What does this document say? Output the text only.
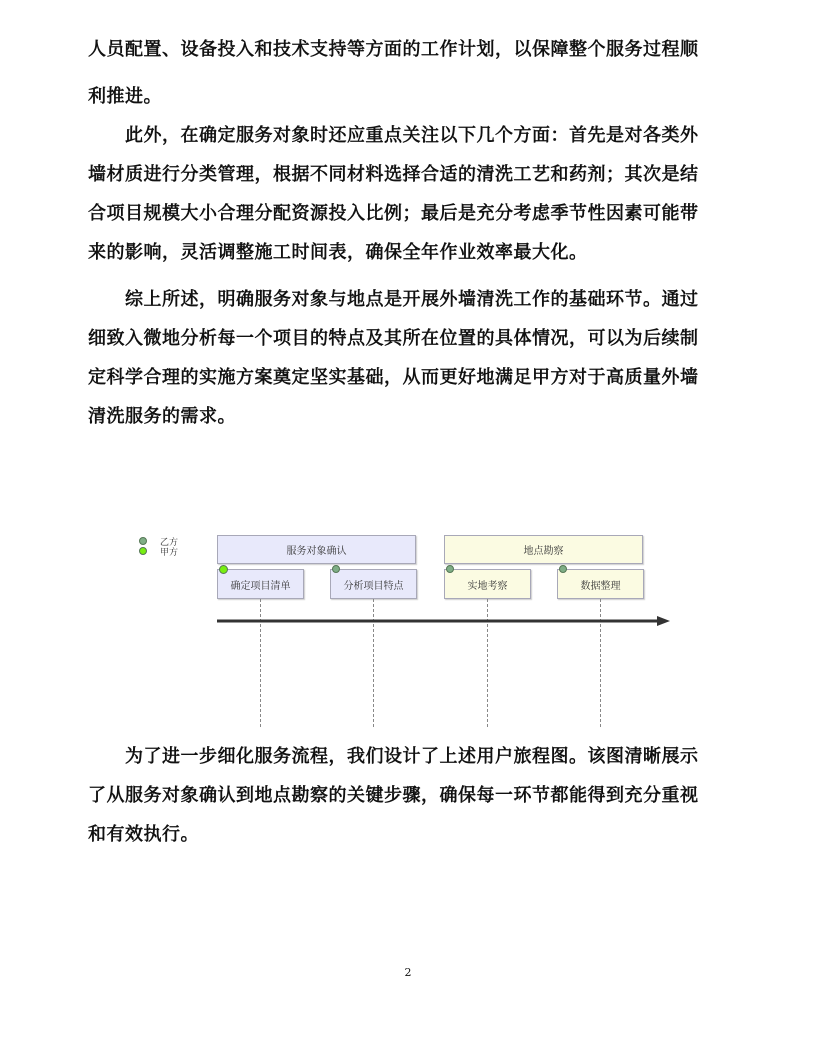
人员配置、设备投入和技术支持等方面的工作计划，以保障整个服务过程顺
利推进。
　　此外，在确定服务对象时还应重点关注以下几个方面：首先是对各类外
墙材质进行分类管理，根据不同材料选择合适的清洗工艺和药剂；其次是结
合项目规模大小合理分配资源投入比例；最后是充分考虑季节性因素可能带
来的影响，灵活调整施工时间表，确保全年作业效率最大化。
　　综上所述，明确服务对象与地点是开展外墙清洗工作的基础环节。通过
细致入微地分析每一个项目的特点及其所在位置的具体情况，可以为后续制
定科学合理的实施方案奠定坚实基础，从而更好地满足甲方对于高质量外墙
清洗服务的需求。
　　为了进一步细化服务流程，我们设计了上述用户旅程图。该图清晰展示
了从服务对象确认到地点勘察的关键步骤，确保每一环节都能得到充分重视
和有效执行。
乙方
甲方	服务对象确认	地点勘察
确定项目清单	分析项目特点	实地考察	数据整理
2
